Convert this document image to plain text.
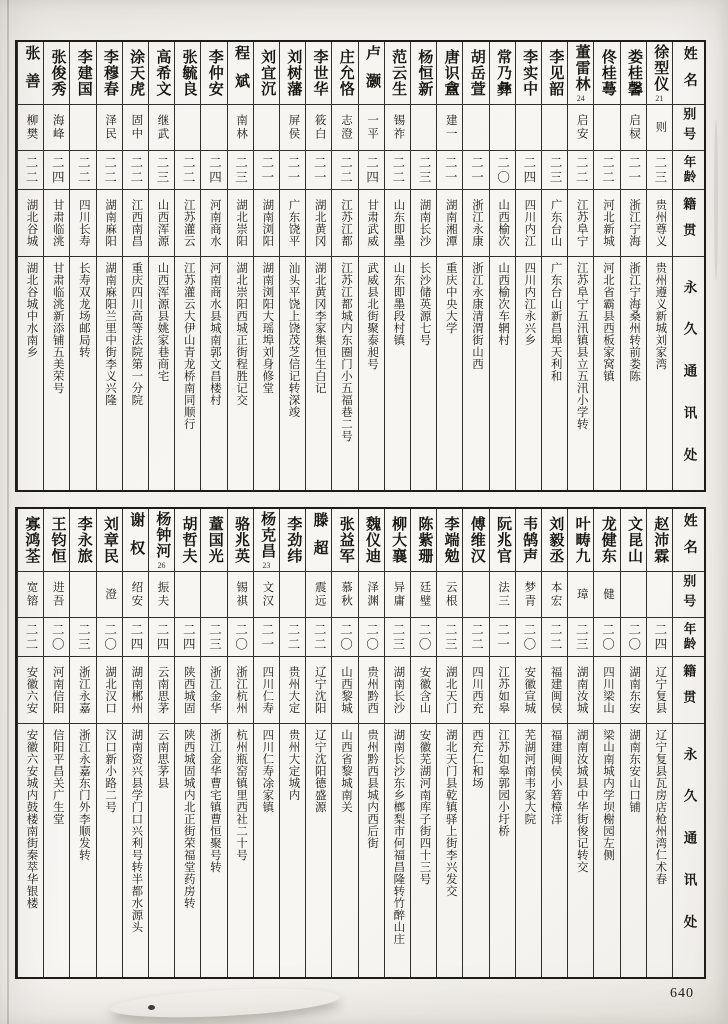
姓名
别号
年龄
籍贯
永久通讯处
徐型仪
21
则
二三
贵州尊义
贵州遵义新城刘家湾
娄桂馨
启棂
二一
浙江宁海
浙江宁海桑州转前娄陈
佟桂蕚
二二
河北新城
河北省霸县西板家窝镇
董雷林
24
启安
二二
江苏阜宁
江苏阜宁五汛镇县立五汛小学转
李见韶
二三
广东台山
广东台山新昌埠天利和
李实中
二四
四川内江
四川内江永兴乡
常乃彝
二〇
山西榆次
山西榆次车辋村
胡岳萱
二一
浙江永康
浙江永康清渭街山西
唐识盦
建一
二一
湖南湘潭
重庆中央大学
杨恒新
二三
湖南长沙
长沙储英源七号
范云生
锡祚
二二
山东即墨
山东即墨段村镇
卢灏
一平
二四
甘肃武威
武威县北街聚泰昶号
庄允恪
志澄
二二
江苏江都
江苏江都城内东圈门小五福巷二号
李世华
筱白
二一
湖北黄冈
湖北黄冈李家集恒生白记
刘树藩
屏侯
二一
广东饶平
汕头平饶上饶茂芝信记转深竣
刘宜沉
二一
湖南浏阳
湖南浏阳大瑶埠刘身修堂
程斌
南林
二三
湖北崇阳
湖北崇阳西城正街程胜记交
李仲安
二四
河南商水
河南商水县城南郭文昌楼村
张毓良
二二
江苏灌云
江苏灌云大伊山青龙桥南同顺行
高希文
继武
二三
山西浑源
山西浑源县姚家巷商宅
涂天虎
固中
二二
江西南昌
重庆四川高等法院第一分院
李穆春
泽民
二二
湖南麻阳
湖南麻阳兰里中街李义兴隆
李建国
二二
四川长寿
长寿双龙场邮局转
张俊秀
海峰
二四
甘肃临洮
甘肃临洮新添铺五美荣号
张善
柳樊
二二
湖北谷城
湖北谷城中水南乡
姓名
别号
年龄
籍贯
永久通讯处
赵沛霖
二四
辽宁复县
辽宁复县瓦房店枪州湾仁术春
文昆山
二〇
湖南东安
湖南东安山口铺
龙健东
健
二〇
四川梁山
梁山南城内学坝榭园左侧
叶畴九
璋
二三
湖南汝城
湖南汝城县中华街俊记转交
刘毅丞
本宏
二二
福建闽侯
福建闽侯小箬樟洋
韦鹄声
梦青
二〇
安徽宣城
芜湖河南韦家大院
阮兆官
法三
二一
江苏如皋
江苏如皋郭园小圩桥
傅维汉
二二
四川西充
西充仁和场
李端勉
云根
二三
湖北天门
湖北天门县乾镇驿上街李兴发交
陈紫珊
廷璧
二〇
安徽含山
安徽芜湖河南库子街四十三号
柳大襄
异庸
二三
湖南长沙
湖南长沙东乡榔梨市何福昌隆转竹醉山庄
魏仪迪
泽渊
二〇
贵州黔西
贵州黔西县城内西后街
张益军
慕秋
二〇
山西黎城
山西省黎城南关
滕超
震远
二二
辽宁沈阳
辽宁沈阳德盛源
李劲纬
二二
贵州大定
贵州大定城内
杨克昌
23
文汉
二一
四川仁寿
四川仁寿凃家镇
骆兆英
锡祺
二〇
浙江杭州
杭州瓶窑镇里西社二十号
蕫国光
二三
浙江金华
浙江金华曹宅镇曹恒聚号转
胡哲夫
二四
陕西城固
陕西城固城内北正街荣福堂药房转
杨钟河
26
振夫
二四
云南思茅
云南思茅县
谢权
绍安
二四
湖南郴州
湖南资兴县学门口兴利号转半都水源头
刘章民
澄
二〇
湖北汉口
汉口新小路二号
李永旅
二三
浙江永嘉
浙江永嘉东门外李顺发转
王钧恒
进吾
二〇
河南信阳
信阳平昌关广生堂
寡鸿荃
宽镕
二二
安徽六安
安徽六安城内鼓楼南街秦萃华银楼
640
